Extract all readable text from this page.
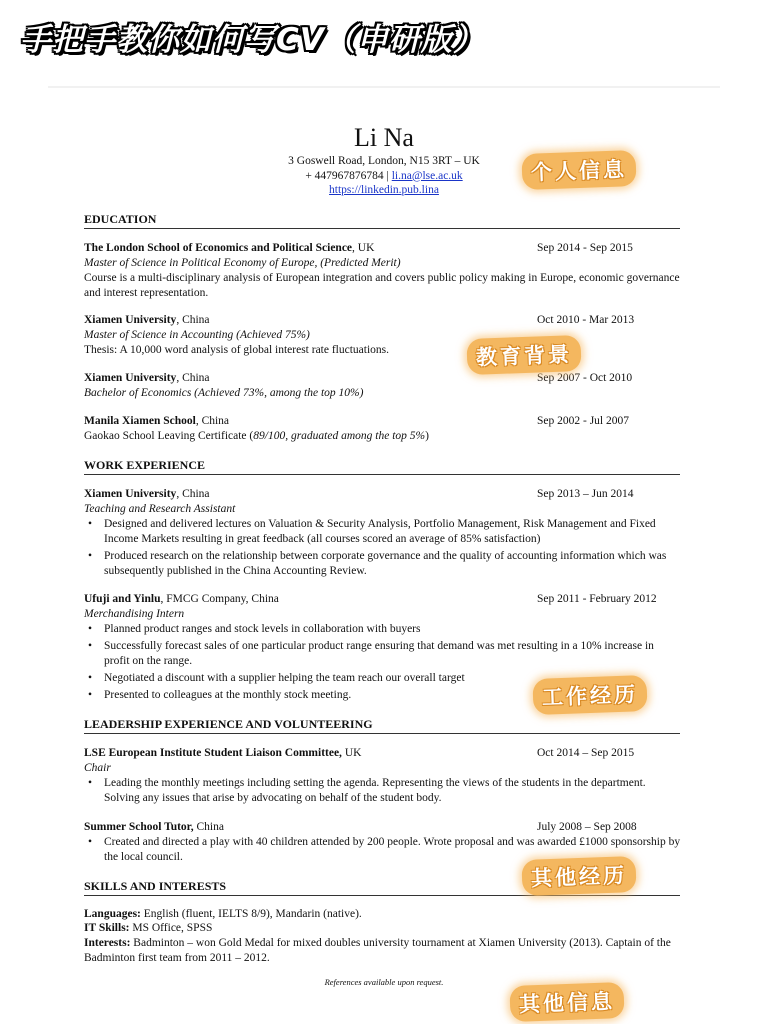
手把手教你如何写CV（申研版）
Li Na
3 Goswell Road, London, N15 3RT – UK
+ 447967876784 | li.na@lse.ac.uk
https://linkedin.pub.lina
EDUCATION
The London School of Economics and Political Science, UK	Sep 2014 - Sep 2015
Master of Science in Political Economy of Europe, (Predicted Merit)
Course is a multi-disciplinary analysis of European integration and covers public policy making in Europe, economic governance and interest representation.
Xiamen University, China	Oct 2010 - Mar 2013
Master of Science in Accounting (Achieved 75%)
Thesis: A 10,000 word analysis of global interest rate fluctuations.
Xiamen University, China	Sep 2007 - Oct 2010
Bachelor of Economics (Achieved 73%, among the top 10%)
Manila Xiamen School, China	Sep 2002 - Jul 2007
Gaokao School Leaving Certificate (89/100, graduated among the top 5%)
WORK EXPERIENCE
Xiamen University, China	Sep 2013 – Jun 2014
Teaching and Research Assistant
• Designed and delivered lectures on Valuation & Security Analysis, Portfolio Management, Risk Management and Fixed Income Markets resulting in great feedback (all courses scored an average of 85% satisfaction)
• Produced research on the relationship between corporate governance and the quality of accounting information which was subsequently published in the China Accounting Review.
Ufuji and Yinlu, FMCG Company, China	Sep 2011 - February 2012
Merchandising Intern
• Planned product ranges and stock levels in collaboration with buyers
• Successfully forecast sales of one particular product range ensuring that demand was met resulting in a 10% increase in profit on the range.
• Negotiated a discount with a supplier helping the team reach our overall target
• Presented to colleagues at the monthly stock meeting.
LEADERSHIP EXPERIENCE AND VOLUNTEERING
LSE European Institute Student Liaison Committee, UK	Oct 2014 – Sep 2015
Chair
• Leading the monthly meetings including setting the agenda. Representing the views of the students in the department. Solving any issues that arise by advocating on behalf of the student body.
Summer School Tutor, China	July 2008 – Sep 2008
• Created and directed a play with 40 children attended by 200 people. Wrote proposal and was awarded £1000 sponsorship by the local council.
SKILLS AND INTERESTS
Languages: English (fluent, IELTS 8/9), Mandarin (native).
IT Skills: MS Office, SPSS
Interests: Badminton – won Gold Medal for mixed doubles university tournament at Xiamen University (2013). Captain of the Badminton first team from 2011 – 2012.
References available upon request.
个人信息
教育背景
工作经历
其他经历
其他信息
